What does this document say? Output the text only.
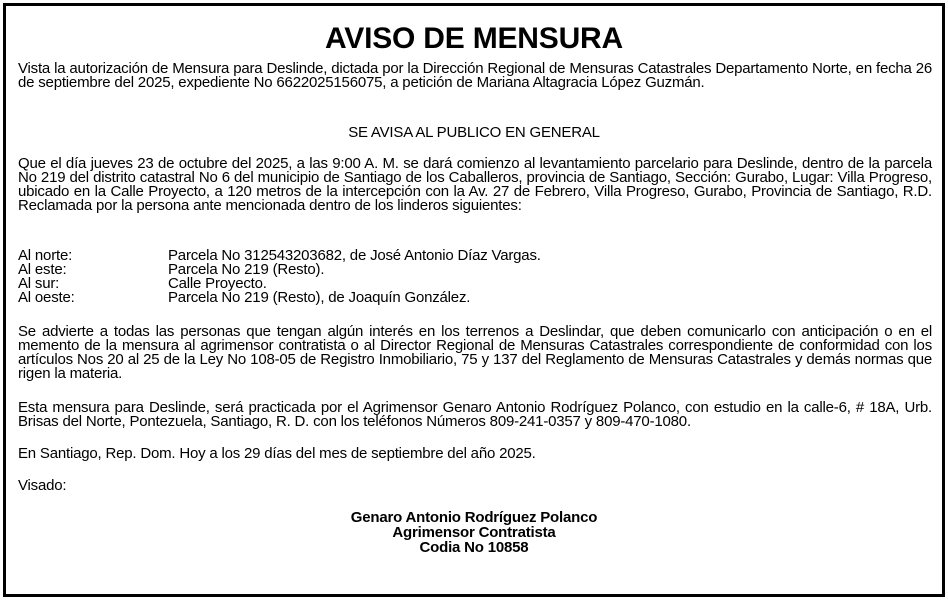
AVISO DE MENSURA

Vista la autorización de Mensura para Deslinde, dictada por la Dirección Regional de Mensuras Catastrales Departamento Norte, en fecha 26 de septiembre del 2025, expediente No 6622025156075, a petición de Mariana Altagracia López Guzmán.

SE AVISA AL PUBLICO EN GENERAL

Que el día jueves 23 de octubre del 2025, a las 9:00 A. M. se dará comienzo al levantamiento parcelario para Deslinde, dentro de la parcela No 219 del distrito catastral No 6 del municipio de Santiago de los Caballeros, provincia de Santiago, Sección: Gurabo, Lugar: Villa Progreso, ubicado en la Calle Proyecto, a 120 metros de la intercepción con la Av. 27 de Febrero, Villa Progreso, Gurabo, Provincia de Santiago, R.D. Reclamada por la persona ante mencionada dentro de los linderos siguientes:

Al norte:	Parcela No 312543203682, de José Antonio Díaz Vargas.
Al este:	Parcela No 219 (Resto).
Al sur:	Calle Proyecto.
Al oeste:	Parcela No 219 (Resto), de Joaquín González.

Se advierte a todas las personas que tengan algún interés en los terrenos a Deslindar, que deben comunicarlo con anticipación o en el memento de la mensura al agrimensor contratista o al Director Regional de Mensuras Catastrales correspondiente de conformidad con los artículos Nos 20 al 25 de la Ley No 108-05 de Registro Inmobiliario, 75 y 137 del Reglamento de Mensuras Catastrales y demás normas que rigen la materia.

Esta mensura para Deslinde, será practicada por el Agrimensor Genaro Antonio Rodríguez Polanco, con estudio en la calle-6, # 18A, Urb. Brisas del Norte, Pontezuela, Santiago, R. D. con los teléfonos Números 809-241-0357 y 809-470-1080.

En Santiago, Rep. Dom. Hoy a los 29 días del mes de septiembre del año 2025.

Visado:

Genaro Antonio Rodríguez Polanco
Agrimensor Contratista
Codia No 10858
